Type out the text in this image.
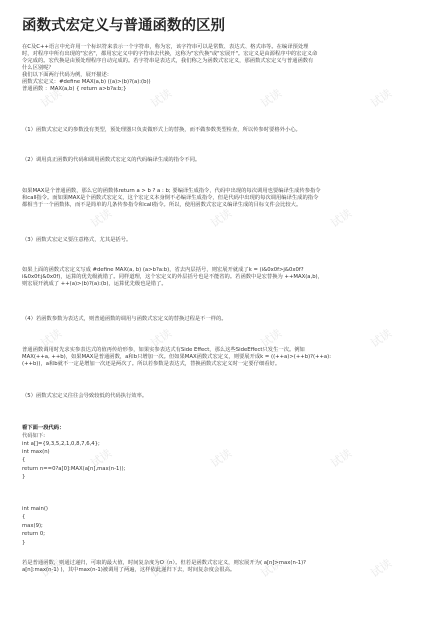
试读	试读	试读	试读
试读	试读	试读
试读	试读	试读	试读
试读	试读	试读
试读	试读	试读	试读
函数式宏定义与普通函数的区别
在C及C++语言中允许用一个标识符来表示一个字符串，称为宏，该字符串可以是常数、表达式、格式串等。在编译预处理
时，对程序中所有出现的"宏名"，都用宏定义中的字符串去代换，这称为"宏代换"或"宏展开"。宏定义是由源程序中的宏定义命
令完成的。宏代换是由预处理程序自动完成的。若字符串是表达式，我们称之为函数式宏定义，那函数式宏定义与普通函数有
什么区别呢？
我们以下面两行代码为例，展开描述：
函数式宏定义：#define MAX(a,b) ((a)>(b)?(a):(b))
普通函数 ：MAX(a,b) { return a>b?a:b;}
（1）函数式宏定义的参数没有类型，预处理器只负责做形式上的替换，而不做参数类型检查，所以传参时要格外小心。
（2）调用真正函数的代码和调用函数式宏定义的代码编译生成的指令不同。
如果MAX是个普通函数，那么它的函数体return a > b ? a : b; 要编译生成指令，代码中出现的每次调用也要编译生成传参指令
和call指令。而如果MAX是个函数式宏定义，这个宏定义本身倒不必编译生成指令，但是代码中出现的每次调用编译生成的指令
都相当于一个函数体，而不是简单的几条传参指令和call指令。所以，使用函数式宏定义编译生成的目标文件会比较大。
（3）函数式宏定义要注意格式，尤其是括号。
如果上面的函数式宏定义写成 #define MAX(a, b) (a>b?a:b)，省去内层括号，则宏展开就成了k = (i&0x0f>j&0x0f?
i&0x0f:j&0x0f)，运算的优先级就错了。同样道理，这个宏定义的外层括号也是不能省的。若函数中是宏替换为 ++MAX(a,b)，
则宏展开就成了 ++(a)>(b)?(a):(b)，运算优先级也是错了。
（4）若函数参数为表达式，则普通函数的调用与函数式宏定义的替换过程是不一样的。
普通函数调用时先求实参表达式的值再传给形参，如果实参表达式有Side Effect，那么这些SideEffect只发生一次。例如
MAX(++a, ++b)，如果MAX是普通函数，a和b只增加一次。但如果MAX函数式宏定义，则要展开成k = ((++a)>(++b)?(++a):
(++b))，a和b就不一定是增加一次还是两次了。所以若参数是表达式，替换函数式宏定义时一定要仔细看好。
（5）函数式宏定义往往会导致较低的代码执行效率。
看下面一段代码：
代码如下:
int a[]={9,3,5,2,1,0,8,7,6,4};
int max(n)
{
return n==0?a[0]:MAX(a[n],max(n-1));
}
int main()
{
max(9);
return 0;
}
若是普通函数，则通过递归，可取的最大值，时间复杂度为O（n）。但若是函数式宏定义，则宏展开为( a[n]>max(n-1)?
a[n]:max(n-1) )，其中max(n-1)被调用了两遍，这样依此递归下去，时间复杂度会很高。
